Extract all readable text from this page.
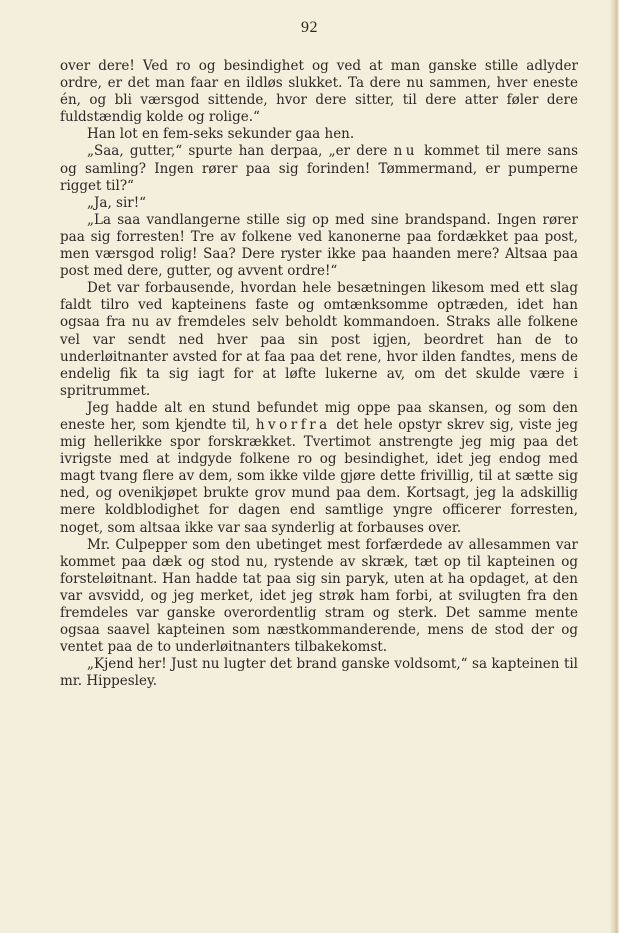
92

over dere! Ved ro og besindighet og ved at man ganske stille adlyder ordre, er det man faar en ildløs slukket. Ta dere nu sammen, hver eneste én, og bli værsgod sittende, hvor dere sitter, til dere atter føler dere fuldstændig kolde og rolige.“

Han lot en fem-seks sekunder gaa hen.

„Saa, gutter,“ spurte han derpaa, „er dere nu kommet til mere sans og samling? Ingen rører paa sig forinden! Tømmermand, er pumperne rigget til?“

„Ja, sir!“

„La saa vandlangerne stille sig op med sine brandspand. Ingen rører paa sig forresten! Tre av folkene ved kanonerne paa fordækket paa post, men værsgod rolig! Saa? Dere ryster ikke paa haanden mere? Altsaa paa post med dere, gutter, og avvent ordre!“

Det var forbausende, hvordan hele besætningen likesom med ett slag faldt tilro ved kapteinens faste og omtænksomme optræden, idet han ogsaa fra nu av fremdeles selv beholdt kommandoen. Straks alle folkene vel var sendt ned hver paa sin post igjen, beordret han de to underløitnanter avsted for at faa paa det rene, hvor ilden fandtes, mens de endelig fik ta sig iagt for at løfte lukerne av, om det skulde være i spritrummet.

Jeg hadde alt en stund befundet mig oppe paa skansen, og som den eneste her, som kjendte til, hvorfra det hele opstyr skrev sig, viste jeg mig hellerikke spor forskrækket. Tvertimot anstrengte jeg mig paa det ivrigste med at indgyde folkene ro og besindighet, idet jeg endog med magt tvang flere av dem, som ikke vilde gjøre dette frivillig, til at sætte sig ned, og ovenikjøpet brukte grov mund paa dem. Kortsagt, jeg la adskillig mere koldblodighet for dagen end samtlige yngre officerer forresten, noget, som altsaa ikke var saa synderlig at forbauses over.

Mr. Culpepper som den ubetinget mest forfærdede av allesammen var kommet paa dæk og stod nu, rystende av skræk, tæt op til kapteinen og forsteløitnant. Han hadde tat paa sig sin paryk, uten at ha opdaget, at den var avsvidd, og jeg merket, idet jeg strøk ham forbi, at svilugten fra den fremdeles var ganske overordentlig stram og sterk. Det samme mente ogsaa saavel kapteinen som næstkommanderende, mens de stod der og ventet paa de to underløitnanters tilbakekomst.

„Kjend her! Just nu lugter det brand ganske voldsomt,“ sa kapteinen til mr. Hippesley.
